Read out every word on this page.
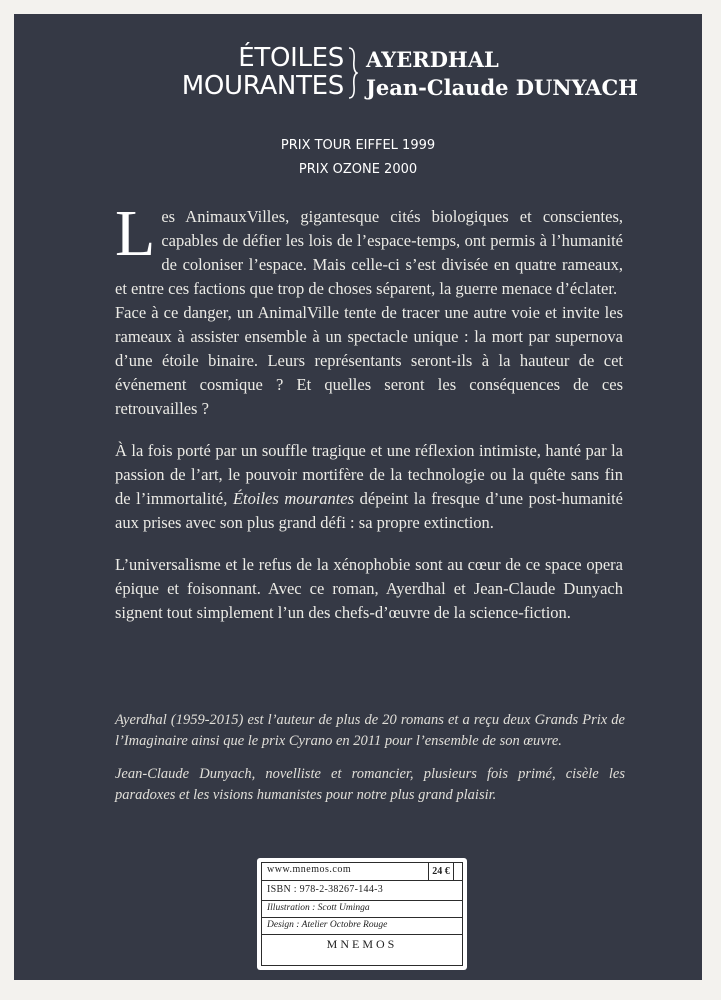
ÉTOILES
MOURANTES
AYERDHAL
Jean-Claude DUNYACH
PRIX TOUR EIFFEL 1999
PRIX OZONE 2000

Les AnimauxVilles, gigantesque cités biologiques et conscientes, capables de défier les lois de l’espace-temps, ont permis à l’humanité de coloniser l’espace. Mais celle-ci s’est divisée en quatre rameaux, et entre ces factions que trop de choses séparent, la guerre menace d’éclater.

Face à ce danger, un AnimalVille tente de tracer une autre voie et invite les rameaux à assister ensemble à un spectacle unique : la mort par supernova d’une étoile binaire. Leurs représentants seront-ils à la hauteur de cet événement cosmique ? Et quelles seront les conséquences de ces retrouvailles ?

À la fois porté par un souffle tragique et une réflexion intimiste, hanté par la passion de l’art, le pouvoir mortifère de la technologie ou la quête sans fin de l’immortalité, Étoiles mourantes dépeint la fresque d’une post-humanité aux prises avec son plus grand défi : sa propre extinction.

L’universalisme et le refus de la xénophobie sont au cœur de ce space opera épique et foisonnant. Avec ce roman, Ayerdhal et Jean-Claude Dunyach signent tout simplement l’un des chefs-d’œuvre de la science-fiction.

Ayerdhal (1959-2015) est l’auteur de plus de 20 romans et a reçu deux Grands Prix de l’Imaginaire ainsi que le prix Cyrano en 2011 pour l’ensemble de son œuvre.

Jean-Claude Dunyach, novelliste et romancier, plusieurs fois primé, cisèle les paradoxes et les visions humanistes pour notre plus grand plaisir.

www.mnemos.com	24 €
ISBN : 978-2-38267-144-3
Illustration : Scott Uminga
Design : Atelier Octobre Rouge
MNEMOS
